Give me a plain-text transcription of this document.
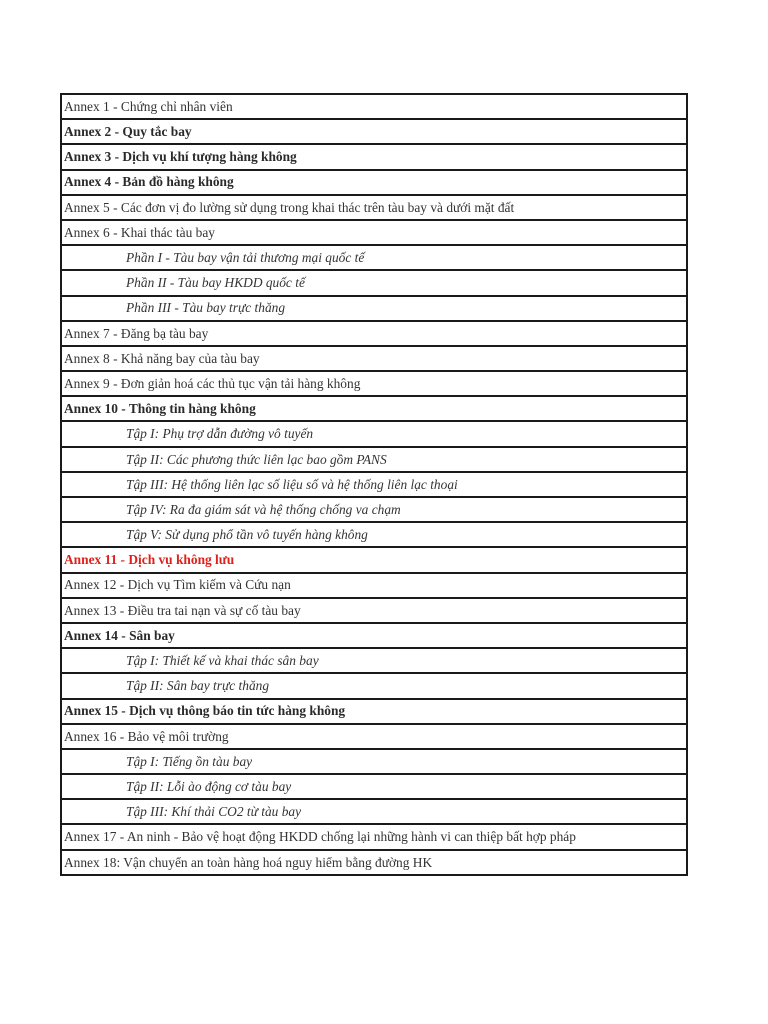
Annex 1 - Chứng chỉ nhân viên
Annex 2 - Quy tắc bay
Annex 3 - Dịch vụ khí tượng hàng không
Annex 4 - Bản đồ hàng không
Annex 5 - Các đơn vị đo lường sử dụng trong khai thác trên tàu bay và dưới mặt đất
Annex 6 - Khai thác tàu bay
Phần I - Tàu bay vận tải thương mại quốc tế
Phần II - Tàu bay HKDD quốc tế
Phần III - Tàu bay trực thăng
Annex 7 - Đăng bạ tàu bay
Annex 8 - Khả năng bay của tàu bay
Annex 9 - Đơn giản hoá các thủ tục vận tải hàng không
Annex 10 - Thông tin hàng không
Tập I: Phụ trợ dẫn đường vô tuyến
Tập II: Các phương thức liên lạc bao gồm PANS
Tập III: Hệ thống liên lạc số liệu số và hệ thống liên lạc thoại
Tập IV: Ra đa giám sát và hệ thống chống va chạm
Tập V: Sử dụng phổ tần vô tuyến hàng không
Annex 11 - Dịch vụ không lưu
Annex 12 - Dịch vụ Tìm kiếm và Cứu nạn
Annex 13 - Điều tra tai nạn và sự cố tàu bay
Annex 14 - Sân bay
Tập I: Thiết kế và khai thác sân bay
Tập II: Sân bay trực thăng
Annex 15 - Dịch vụ thông báo tin tức hàng không
Annex 16 - Bảo vệ môi trường
Tập I: Tiếng ồn tàu bay
Tập II: Lỗi ào động cơ tàu bay
Tập III: Khí thải CO2 từ tàu bay
Annex 17 - An ninh - Bảo vệ hoạt động HKDD chống lại những hành vi can thiệp bất hợp pháp
Annex 18: Vận chuyển an toàn hàng hoá nguy hiểm bằng đường HK
